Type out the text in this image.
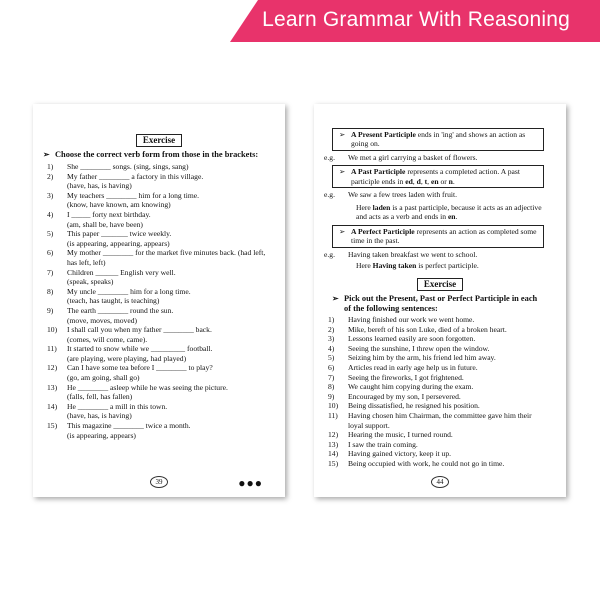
Learn Grammar With Reasoning
Exercise
➢ Choose the correct verb form from those in the brackets:
1)	She ________ songs. (sing, sings, sang)
2)	My father ________ a factory in this village.
(have, has, is having)
3)	My teachers ________ him for a long time.
(know, have known, am knowing)
4)	I _____ forty next birthday.
(am, shall be, have been)
5)	This paper _______ twice weekly.
(is appearing, appearing, appears)
6)	My mother ________ for the market five minutes back. (had left, has left, left)
7)	Children ______ English very well.
(speak, speaks)
8)	My uncle ________ him for a long time.
(teach, has taught, is teaching)
9)	The earth ________ round the sun.
(move, moves, moved)
10)	I shall call you when my father ________ back.
(comes, will come, came).
11)	It started to snow while we _________ football.
(are playing, were playing, had played)
12)	Can I have some tea before I ________ to play?
(go, am going, shall go)
13)	He ________ asleep while he was seeing the picture.
(falls, fell, has fallen)
14)	He ________ a mill in this town.
(have, has, is having)
15)	This magazine ________ twice a month.
(is appearing, appears)
39	●●●
➢ A Present Participle ends in 'ing' and shows an action as going on.
e.g.	We met a girl carrying a basket of flowers.
➢ A Past Participle represents a completed action. A past participle ends in ed, d, t, en or n.
e.g.	We saw a few trees laden with fruit.
Here laden is a past participle, because it acts as an adjective and acts as a verb and ends in en.
➢ A Perfect Participle represents an action as completed some time in the past.
e.g.	Having taken breakfast we went to school.
Here Having taken is perfect participle.
Exercise
➢ Pick out the Present, Past or Perfect Participle in each of the following sentences:
1)	Having finished our work we went home.
2)	Mike, bereft of his son Luke, died of a broken heart.
3)	Lessons learned easily are soon forgotten.
4)	Seeing the sunshine, I threw open the window.
5)	Seizing him by the arm, his friend led him away.
6)	Articles read in early age help us in future.
7)	Seeing the fireworks, I got frightened.
8)	We caught him copying during the exam.
9)	Encouraged by my son, I persevered.
10)	Being dissatisfied, he resigned his position.
11)	Having chosen him Chairman, the committee gave him their loyal support.
12)	Hearing the music, I turned round.
13)	I saw the train coming.
14)	Having gained victory, keep it up.
15)	Being occupied with work, he could not go in time.
44
